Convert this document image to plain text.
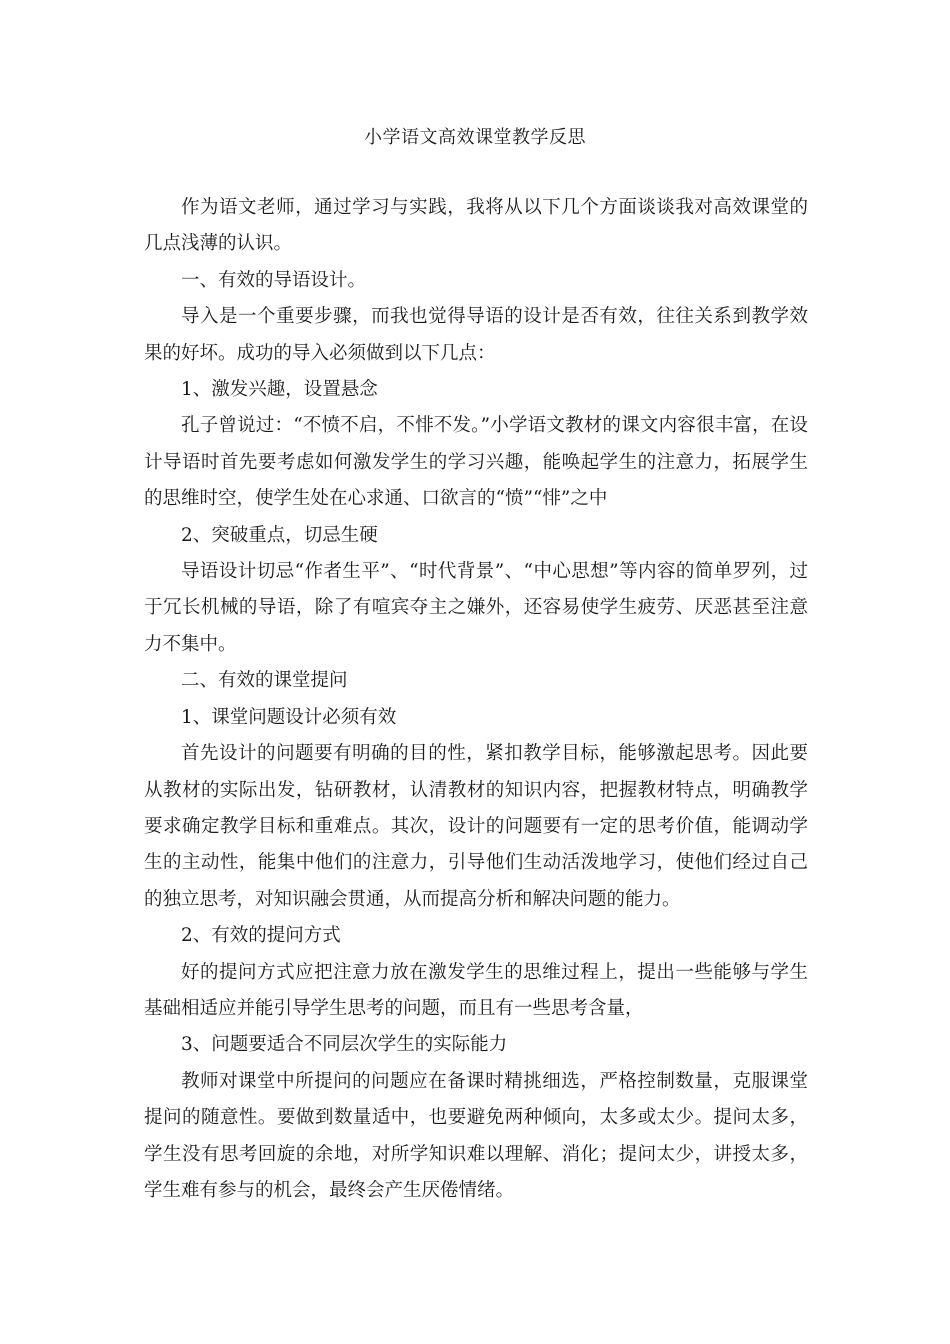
小学语文高效课堂教学反思

作为语文老师，通过学习与实践，我将从以下几个方面谈谈我对高效课堂的几点浅薄的认识。

一、有效的导语设计。

导入是一个重要步骤，而我也觉得导语的设计是否有效，往往关系到教学效果的好坏。成功的导入必须做到以下几点：

1、激发兴趣，设置悬念

孔子曾说过：“不愤不启，不悱不发。”小学语文教材的课文内容很丰富，在设计导语时首先要考虑如何激发学生的学习兴趣，能唤起学生的注意力，拓展学生的思维时空，使学生处在心求通、口欲言的“愤”“悱”之中

2、突破重点，切忌生硬

导语设计切忌“作者生平”、“时代背景”、“中心思想”等内容的简单罗列，过于冗长机械的导语，除了有喧宾夺主之嫌外，还容易使学生疲劳、厌恶甚至注意力不集中。

二、有效的课堂提问

1、课堂问题设计必须有效

首先设计的问题要有明确的目的性，紧扣教学目标，能够激起思考。因此要从教材的实际出发，钻研教材，认清教材的知识内容，把握教材特点，明确教学要求确定教学目标和重难点。其次，设计的问题要有一定的思考价值，能调动学生的主动性，能集中他们的注意力，引导他们生动活泼地学习，使他们经过自己的独立思考，对知识融会贯通，从而提高分析和解决问题的能力。

2、有效的提问方式

好的提问方式应把注意力放在激发学生的思维过程上，提出一些能够与学生基础相适应并能引导学生思考的问题，而且有一些思考含量，

3、问题要适合不同层次学生的实际能力

教师对课堂中所提问的问题应在备课时精挑细选，严格控制数量，克服课堂提问的随意性。要做到数量适中，也要避免两种倾向，太多或太少。提问太多，学生没有思考回旋的余地，对所学知识难以理解、消化；提问太少，讲授太多，学生难有参与的机会，最终会产生厌倦情绪。
